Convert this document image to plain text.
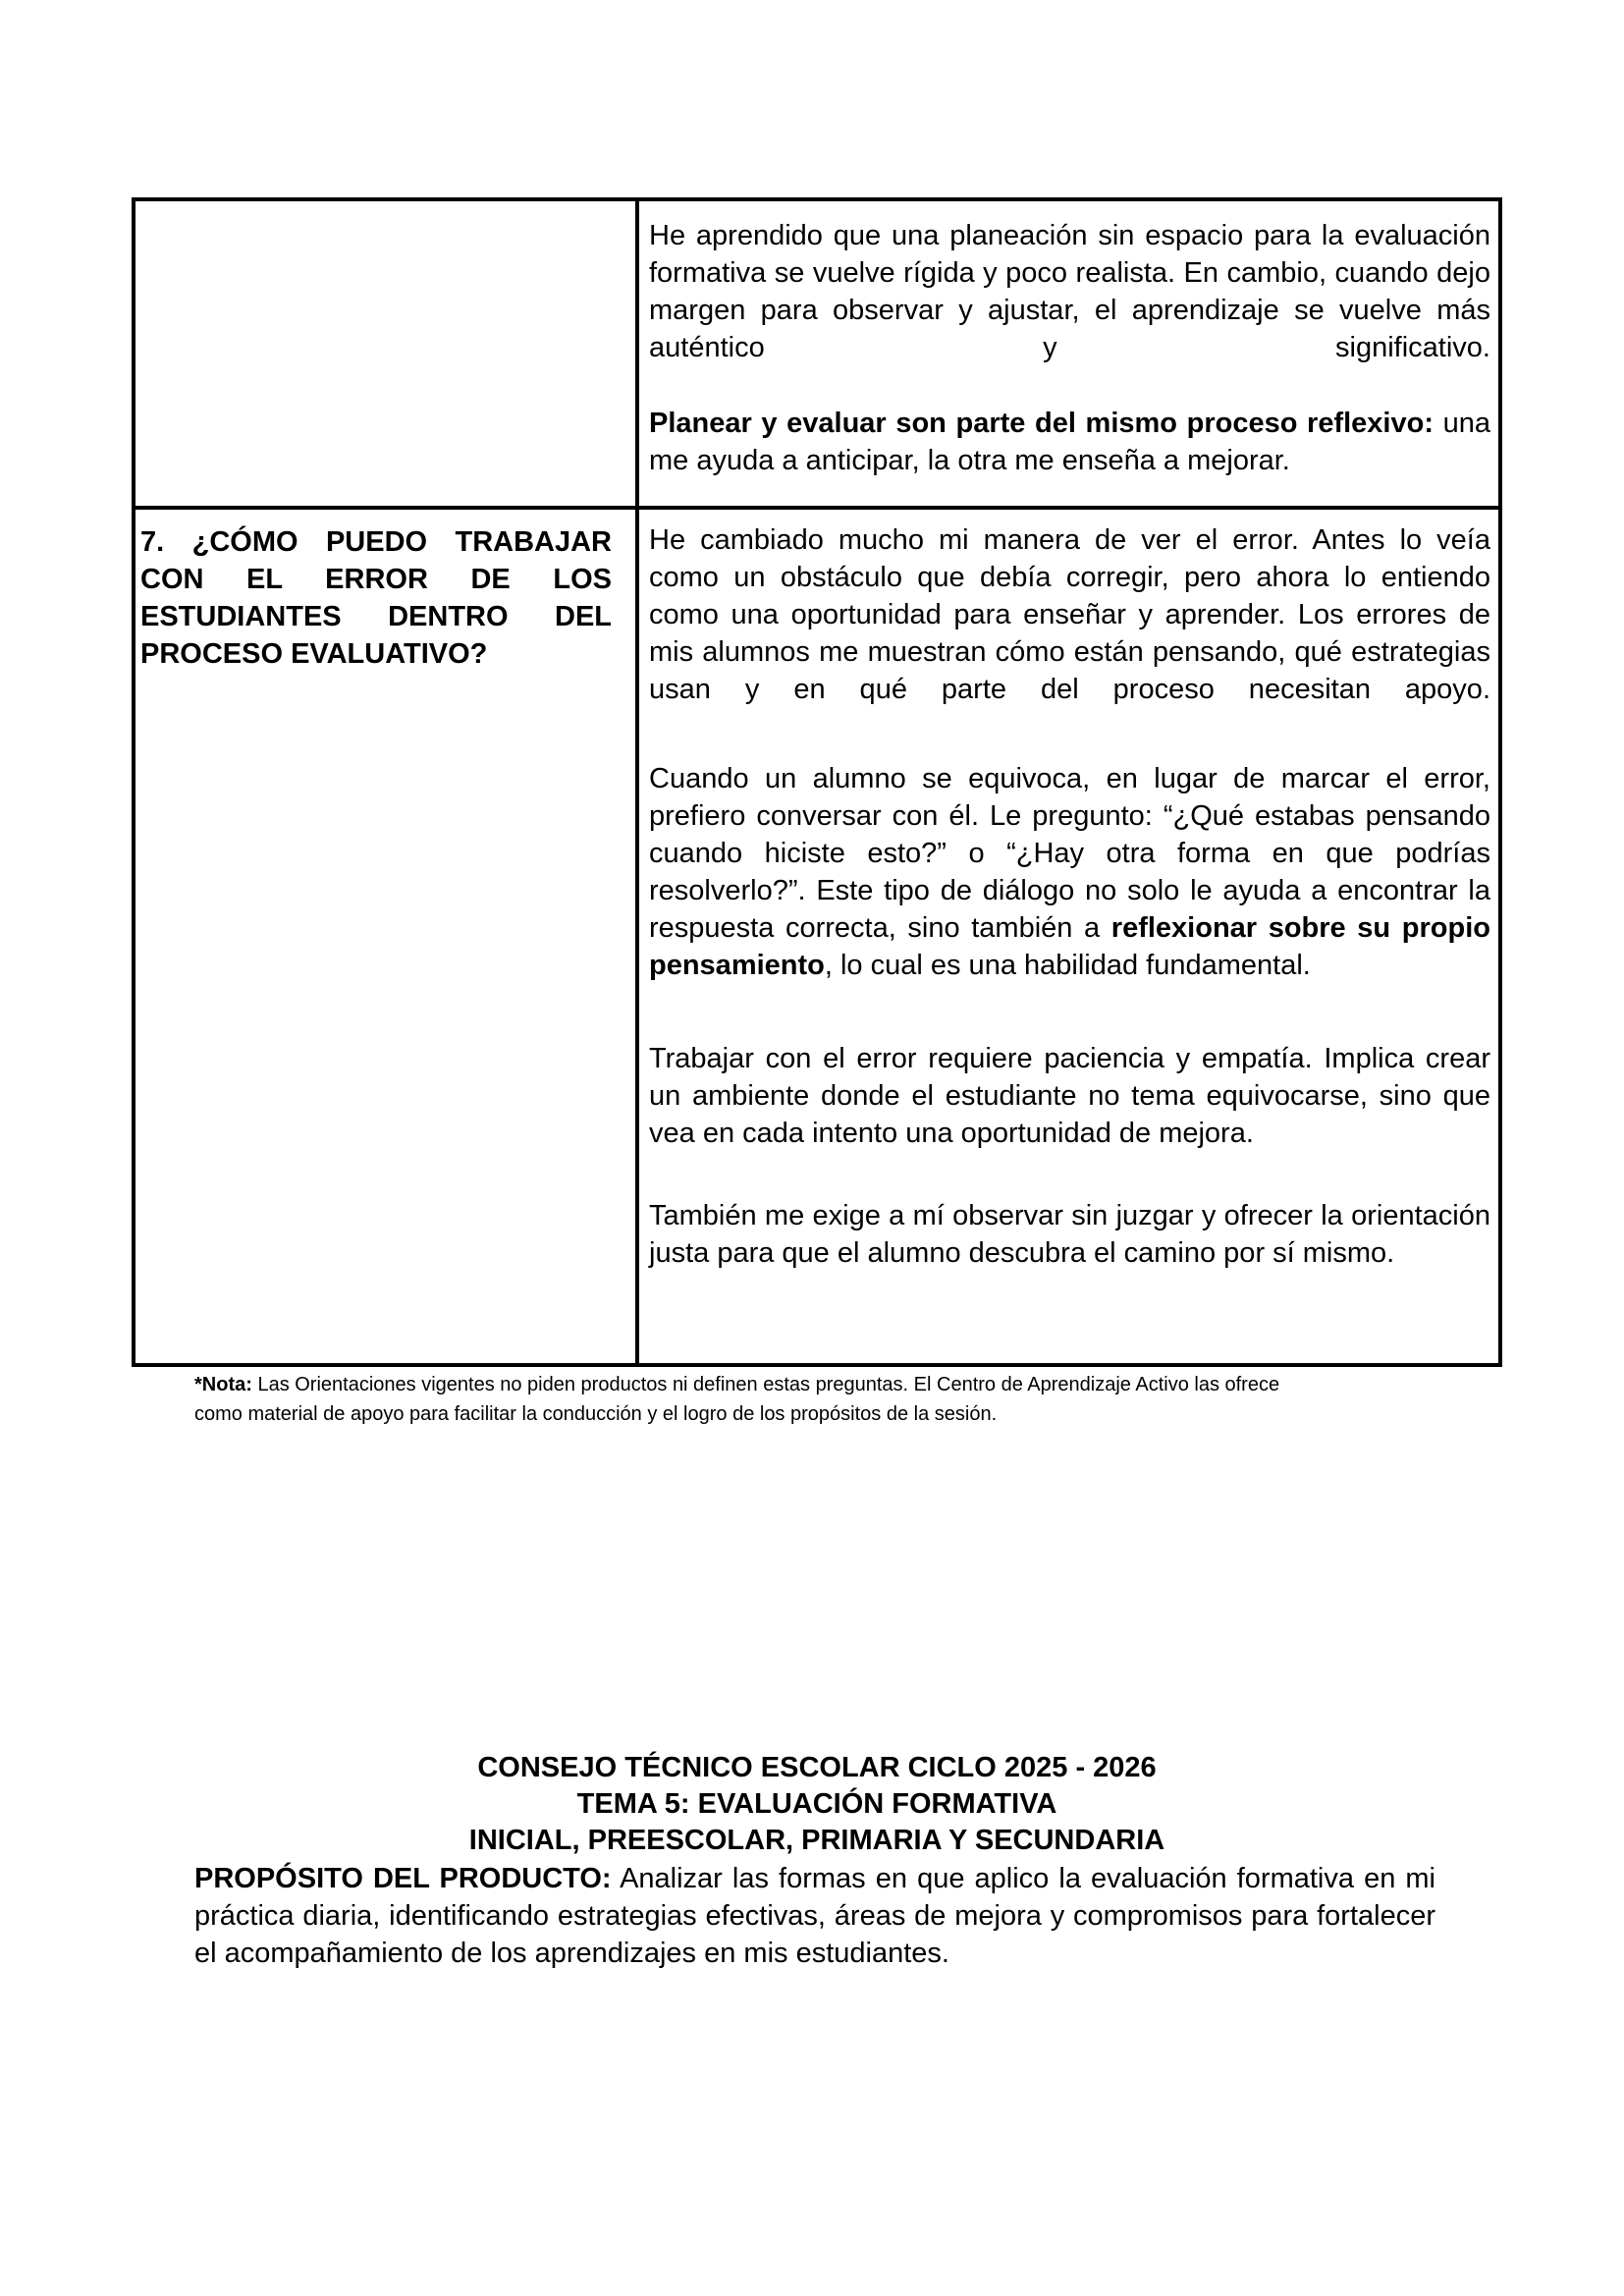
He aprendido que una planeación sin espacio para la evaluación formativa se vuelve rígida y poco realista. En cambio, cuando dejo margen para observar y ajustar, el aprendizaje se vuelve más auténtico y significativo.

Planear y evaluar son parte del mismo proceso reflexivo: una me ayuda a anticipar, la otra me enseña a mejorar.

7. ¿CÓMO PUEDO TRABAJAR CON EL ERROR DE LOS ESTUDIANTES DENTRO DEL PROCESO EVALUATIVO?

He cambiado mucho mi manera de ver el error. Antes lo veía como un obstáculo que debía corregir, pero ahora lo entiendo como una oportunidad para enseñar y aprender. Los errores de mis alumnos me muestran cómo están pensando, qué estrategias usan y en qué parte del proceso necesitan apoyo.

Cuando un alumno se equivoca, en lugar de marcar el error, prefiero conversar con él. Le pregunto: “¿Qué estabas pensando cuando hiciste esto?” o “¿Hay otra forma en que podrías resolverlo?”. Este tipo de diálogo no solo le ayuda a encontrar la respuesta correcta, sino también a reflexionar sobre su propio pensamiento, lo cual es una habilidad fundamental.

Trabajar con el error requiere paciencia y empatía. Implica crear un ambiente donde el estudiante no tema equivocarse, sino que vea en cada intento una oportunidad de mejora.

También me exige a mí observar sin juzgar y ofrecer la orientación justa para que el alumno descubra el camino por sí mismo.

*Nota: Las Orientaciones vigentes no piden productos ni definen estas preguntas. El Centro de Aprendizaje Activo las ofrece
como material de apoyo para facilitar la conducción y el logro de los propósitos de la sesión.

CONSEJO TÉCNICO ESCOLAR CICLO 2025 - 2026

TEMA 5: EVALUACIÓN FORMATIVA

INICIAL, PREESCOLAR, PRIMARIA Y SECUNDARIA

PROPÓSITO DEL PRODUCTO: Analizar las formas en que aplico la evaluación formativa en mi práctica diaria, identificando estrategias efectivas, áreas de mejora y compromisos para fortalecer el acompañamiento de los aprendizajes en mis estudiantes.
